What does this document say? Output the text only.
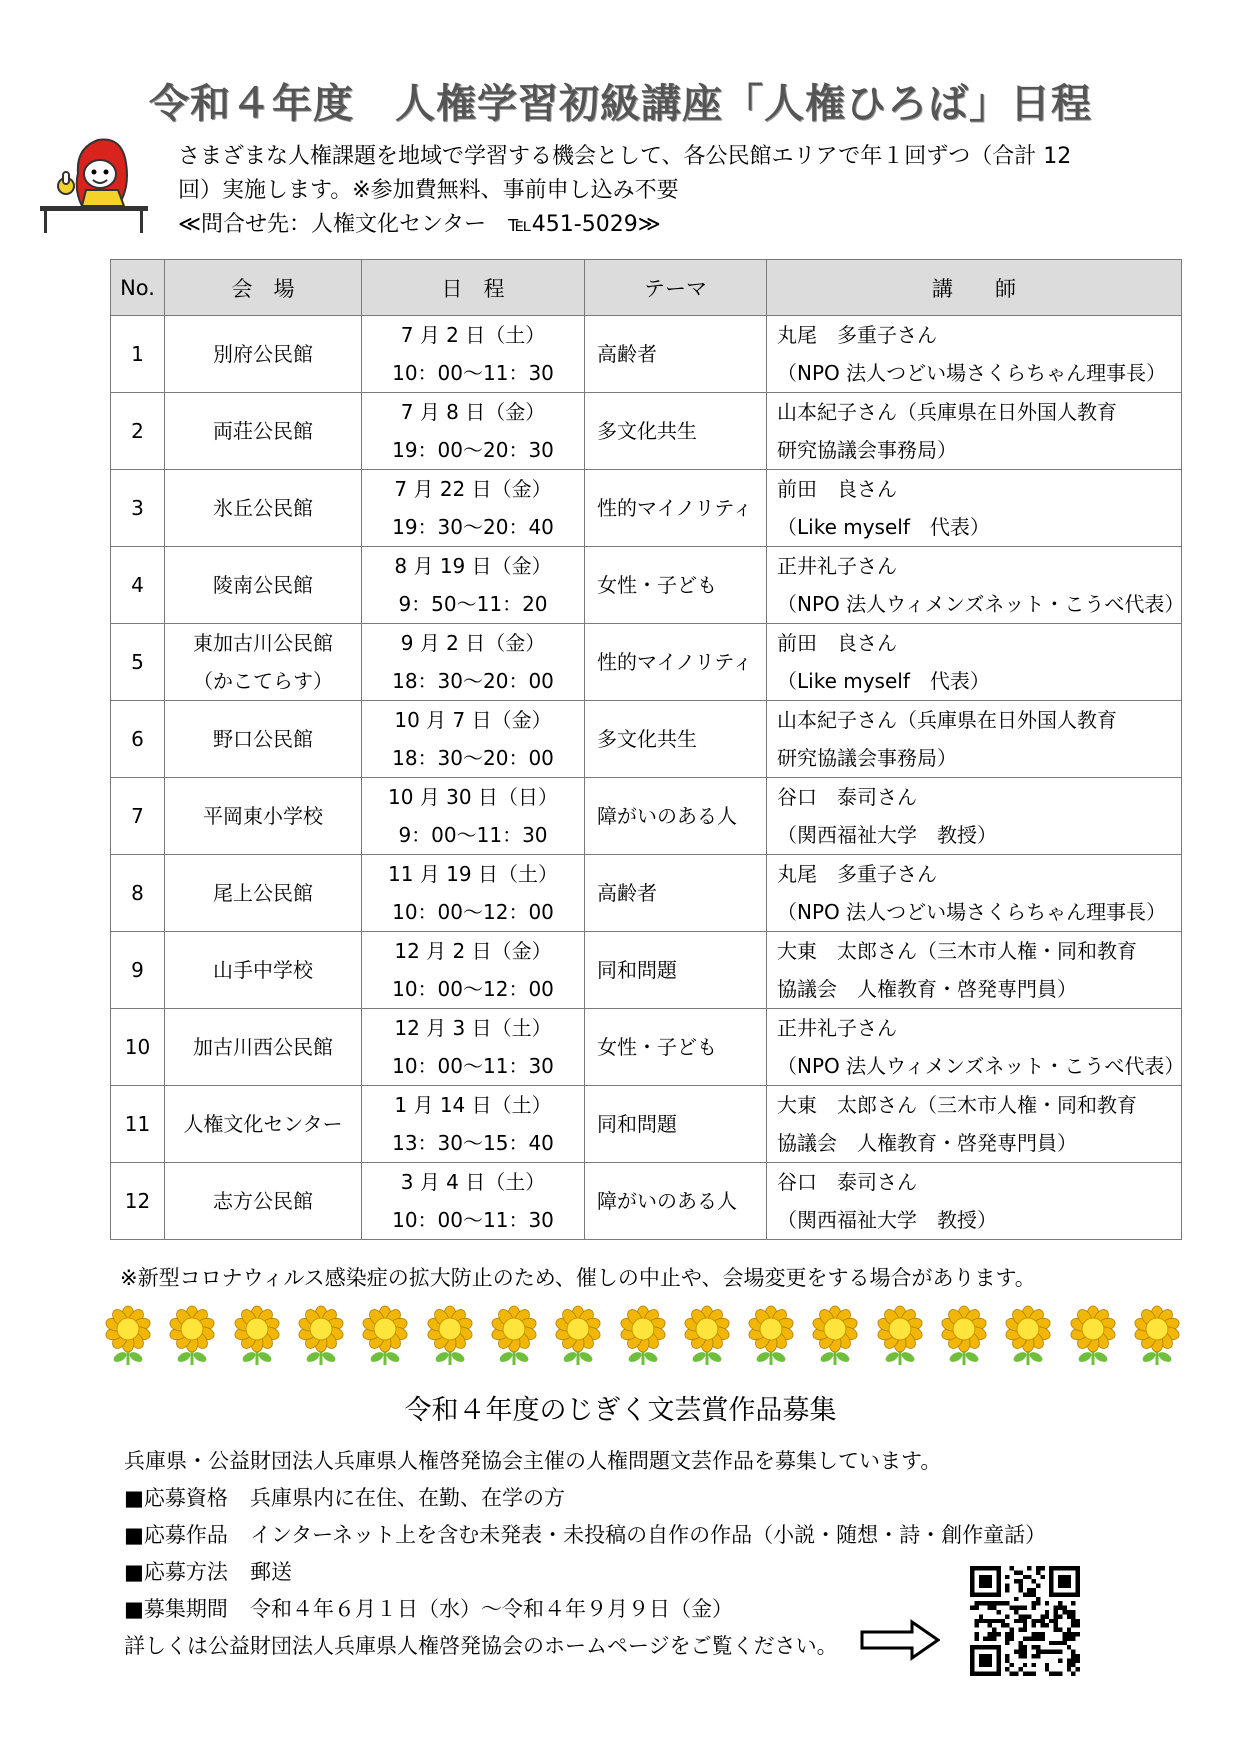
令和４年度　人権学習初級講座「人権ひろば」日程
さまざまな人権課題を地域で学習する機会として、各公民館エリアで年１回ずつ（合計 12
回）実施します。※参加費無料、事前申し込み不要
≪問合せ先：人権文化センター　℡451-5029≫
No.	会　場	日　程	テーマ	講　　師

1	別府公民館	7 月 2 日（土）
10：00～11：30	高齢者	丸尾　多重子さん
（NPO 法人つどい場さくらちゃん理事長）

2	両荘公民館	7 月 8 日（金）
19：00～20：30	多文化共生	山本紀子さん（兵庫県在日外国人教育
研究協議会事務局）

3	氷丘公民館	7 月 22 日（金）
19：30～20：40	性的マイノリティ	前田　良さん
（Like myself　代表）

4	陵南公民館	8 月 19 日（金）
9：50～11：20	女性・子ども	正井礼子さん
（NPO 法人ウィメンズネット・こうべ代表）

5	東加古川公民館
（かこてらす）	9 月 2 日（金）
18：30～20：00	性的マイノリティ	前田　良さん
（Like myself　代表）

6	野口公民館	10 月 7 日（金）
18：30～20：00	多文化共生	山本紀子さん（兵庫県在日外国人教育
研究協議会事務局）

7	平岡東小学校	10 月 30 日（日）
9：00～11：30	障がいのある人	谷口　泰司さん
（関西福祉大学　教授）

8	尾上公民館	11 月 19 日（土）
10：00～12：00	高齢者	丸尾　多重子さん
（NPO 法人つどい場さくらちゃん理事長）

9	山手中学校	12 月 2 日（金）
10：00～12：00	同和問題	大東　太郎さん（三木市人権・同和教育
協議会　人権教育・啓発専門員）

10	加古川西公民館	12 月 3 日（土）
10：00～11：30	女性・子ども	正井礼子さん
（NPO 法人ウィメンズネット・こうべ代表）

11	人権文化センター	1 月 14 日（土）
13：30～15：40	同和問題	大東　太郎さん（三木市人権・同和教育
協議会　人権教育・啓発専門員）

12	志方公民館	3 月 4 日（土）
10：00～11：30	障がいのある人	谷口　泰司さん
（関西福祉大学　教授）
※新型コロナウィルス感染症の拡大防止のため、催しの中止や、会場変更をする場合があります。
令和４年度のじぎく文芸賞作品募集
兵庫県・公益財団法人兵庫県人権啓発協会主催の人権問題文芸作品を募集しています。
■応募資格 兵庫県内に在住、在勤、在学の方
■応募作品 インターネット上を含む未発表・未投稿の自作の作品（小説・随想・詩・創作童話）
■応募方法 郵送
■募集期間 令和４年６月１日（水）～令和４年９月９日（金）
詳しくは公益財団法人兵庫県人権啓発協会のホームページをご覧ください。
